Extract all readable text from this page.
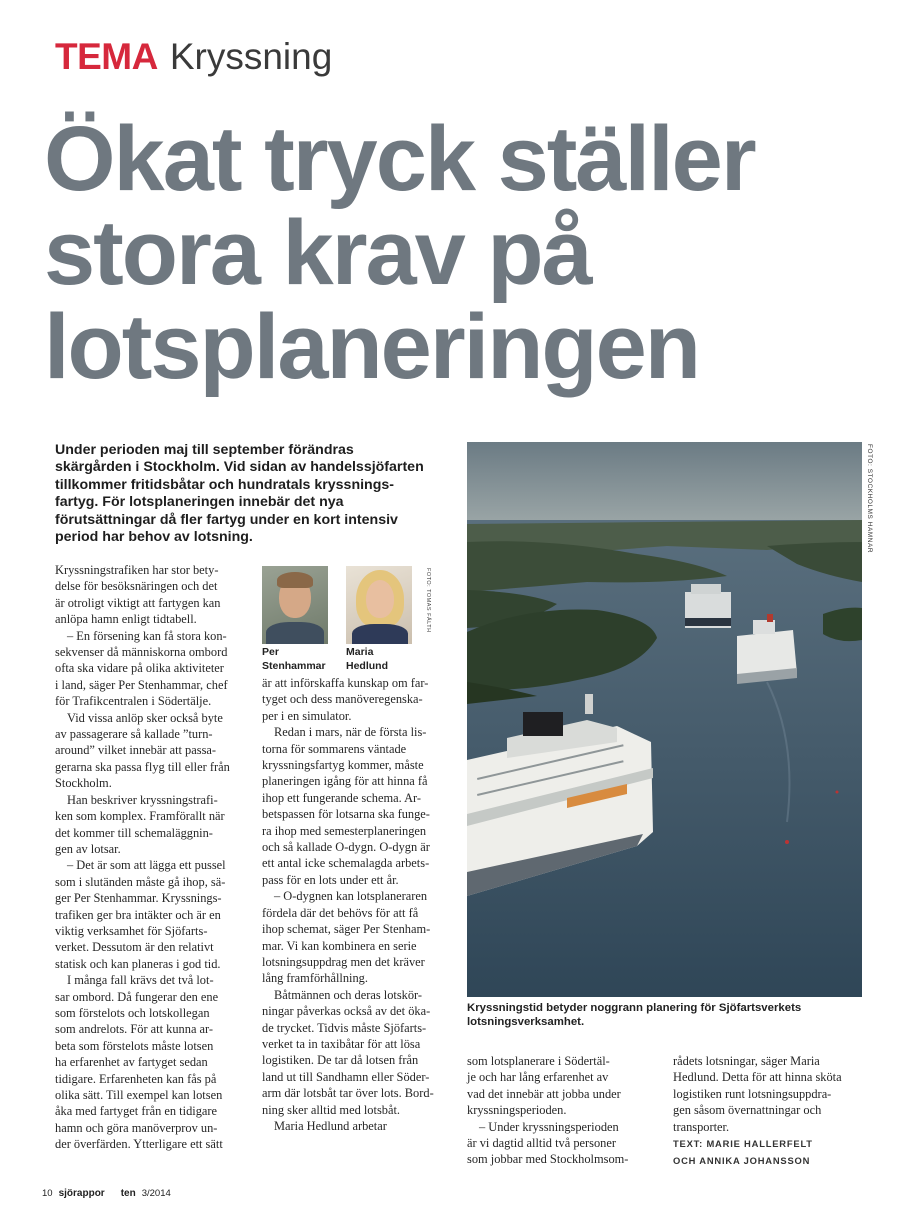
TEMA Kryssning
Ökat tryck ställer
stora krav på
lotsplaneringen
Under perioden maj till september förändras
skärgården i Stockholm. Vid sidan av handelssjöfarten
tillkommer fritidsbåtar och hundratals kryssnings-
fartyg. För lotsplaneringen innebär det nya
förutsättningar då fler fartyg under en kort intensiv
period har behov av lotsning.
Kryssningstrafiken har stor bety-
delse för besöksnäringen och det
är otroligt viktigt att fartygen kan
anlöpa hamn enligt tidtabell.
– En försening kan få stora kon-
sekvenser då människorna ombord
ofta ska vidare på olika aktiviteter
i land, säger Per Stenhammar, chef
för Trafikcentralen i Södertälje.
Vid vissa anlöp sker också byte
av passagerare så kallade ”turn-
around” vilket innebär att passa-
gerarna ska passa flyg till eller från
Stockholm.
Han beskriver kryssningstrafi-
ken som komplex. Framförallt när
det kommer till schemaläggnin-
gen av lotsar.
– Det är som att lägga ett pussel
som i slutänden måste gå ihop, sä-
ger Per Stenhammar. Kryssnings-
trafiken ger bra intäkter och är en
viktig verksamhet för Sjöfarts-
verket. Dessutom är den relativt
statisk och kan planeras i god tid.
I många fall krävs det två lot-
sar ombord. Då fungerar den ene
som förstelots och lotskollegan
som andrelots. För att kunna ar-
beta som förstelots måste lotsen
ha erfarenhet av fartyget sedan
tidigare. Erfarenheten kan fås på
olika sätt. Till exempel kan lotsen
åka med fartyget från en tidigare
hamn och göra manöverprov un-
der överfärden. Ytterligare ett sätt
Per
Stenhammar
Maria
Hedlund
FOTO: TOMAS FÄLTH
är att införskaffa kunskap om far-
tyget och dess manöveregenska-
per i en simulator.
Redan i mars, när de första lis-
torna för sommarens väntade
kryssningsfartyg kommer, måste
planeringen igång för att hinna få
ihop ett fungerande schema. Ar-
betspassen för lotsarna ska fungе-
ra ihop med semesterplaneringen
och så kallade O-dygn. O-dygn är
ett antal icke schemalagda arbets-
pass för en lots under ett år.
– O-dygnen kan lotsplaneraren
fördela där det behövs för att få
ihop schemat, säger Per Stenham-
mar. Vi kan kombinera en serie
lotsningsuppdrag men det kräver
lång framförhållning.
Båtmännen och deras lotskör-
ningar påverkas också av det öka-
de trycket. Tidvis måste Sjöfarts-
verket ta in taxibåtar för att lösa
logistiken. De tar då lotsen från
land ut till Sandhamn eller Söder-
arm där lotsbåt tar över lots. Bord-
ning sker alltid med lotsbåt.
Maria Hedlund arbetar
FOTO: STOCKHOLMS HAMNAR
Kryssningstid betyder noggrann planering för Sjöfartsverkets
lotsningsverksamhet.
som lotsplanerare i Södertäl-
je och har lång erfarenhet av
vad det innebär att jobba under
kryssningsperioden.
– Under kryssningsperioden
är vi dagtid alltid två personer
som jobbar med Stockholmsom-
rådets lotsningar, säger Maria
Hedlund. Detta för att hinna sköta
logistiken runt lotsningsuppdra-
gen såsom övernattningar och
transporter.
TEXT: MARIE HALLERFELT
OCH ANNIKA JOHANSSON
10 sjörappor ten 3/2014
